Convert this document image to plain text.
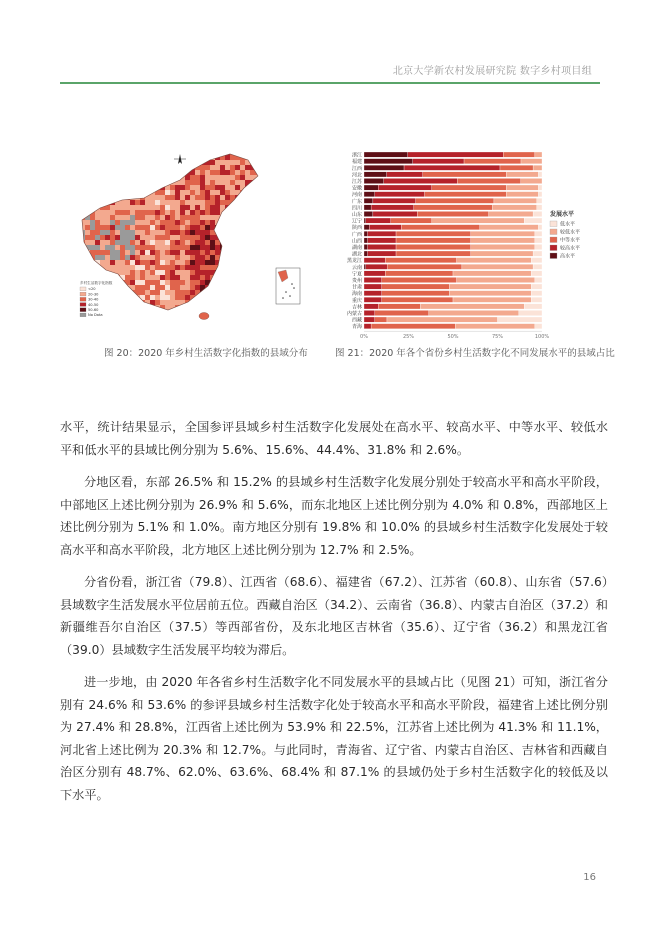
北京大学新农村发展研究院 数字乡村项目组
乡村生活数字化指数
<20
20-30
30-40
40-50
50-60
No Data
浙江
福建
江西
河北
江苏
安徽
河南
广东
四川
山东
辽宁
陕西
广西
山西
湖南
湖北
黑龙江
云南
宁夏
贵州
甘肃
海南
重庆
吉林
内蒙古
西藏
青海
0%	25%	50%	75%	100%
发展水平
低水平
较低水平
中等水平
较高水平
高水平
图 20：2020 年乡村生活数字化指数的县域分布	图 21：2020 年各个省份乡村生活数字化不同发展水平的县域占比

水平，统计结果显示，全国参评县域乡村生活数字化发展处在高水平、较高水平、中等水平、较低水平和低水平的县域比例分别为 5.6%、15.6%、44.4%、31.8% 和 2.6%。

分地区看，东部 26.5% 和 15.2% 的县域乡村生活数字化发展分别处于较高水平和高水平阶段，中部地区上述比例分别为 26.9% 和 5.6%，而东北地区上述比例分别为 4.0% 和 0.8%，西部地区上述比例分别为 5.1% 和 1.0%。南方地区分别有 19.8% 和 10.0% 的县域乡村生活数字化发展处于较高水平和高水平阶段，北方地区上述比例分别为 12.7% 和 2.5%。

分省份看，浙江省（79.8）、江西省（68.6）、福建省（67.2）、江苏省（60.8）、山东省（57.6）县域数字生活发展水平位居前五位。西藏自治区（34.2）、云南省（36.8）、内蒙古自治区（37.2）和新疆维吾尔自治区（37.5）等西部省份，及东北地区吉林省（35.6）、辽宁省（36.2）和黑龙江省（39.0）县域数字生活发展平均较为滞后。

进一步地，由 2020 年各省乡村生活数字化不同发展水平的县域占比（见图 21）可知，浙江省分别有 24.6% 和 53.6% 的参评县域乡村生活数字化处于较高水平和高水平阶段，福建省上述比例分别为 27.4% 和 28.8%，江西省上述比例为 53.9% 和 22.5%，江苏省上述比例为 41.3% 和 11.1%，河北省上述比例为 20.3% 和 12.7%。与此同时，青海省、辽宁省、内蒙古自治区、吉林省和西藏自治区分别有 48.7%、62.0%、63.6%、68.4% 和 87.1% 的县域仍处于乡村生活数字化的较低及以下水平。

16
